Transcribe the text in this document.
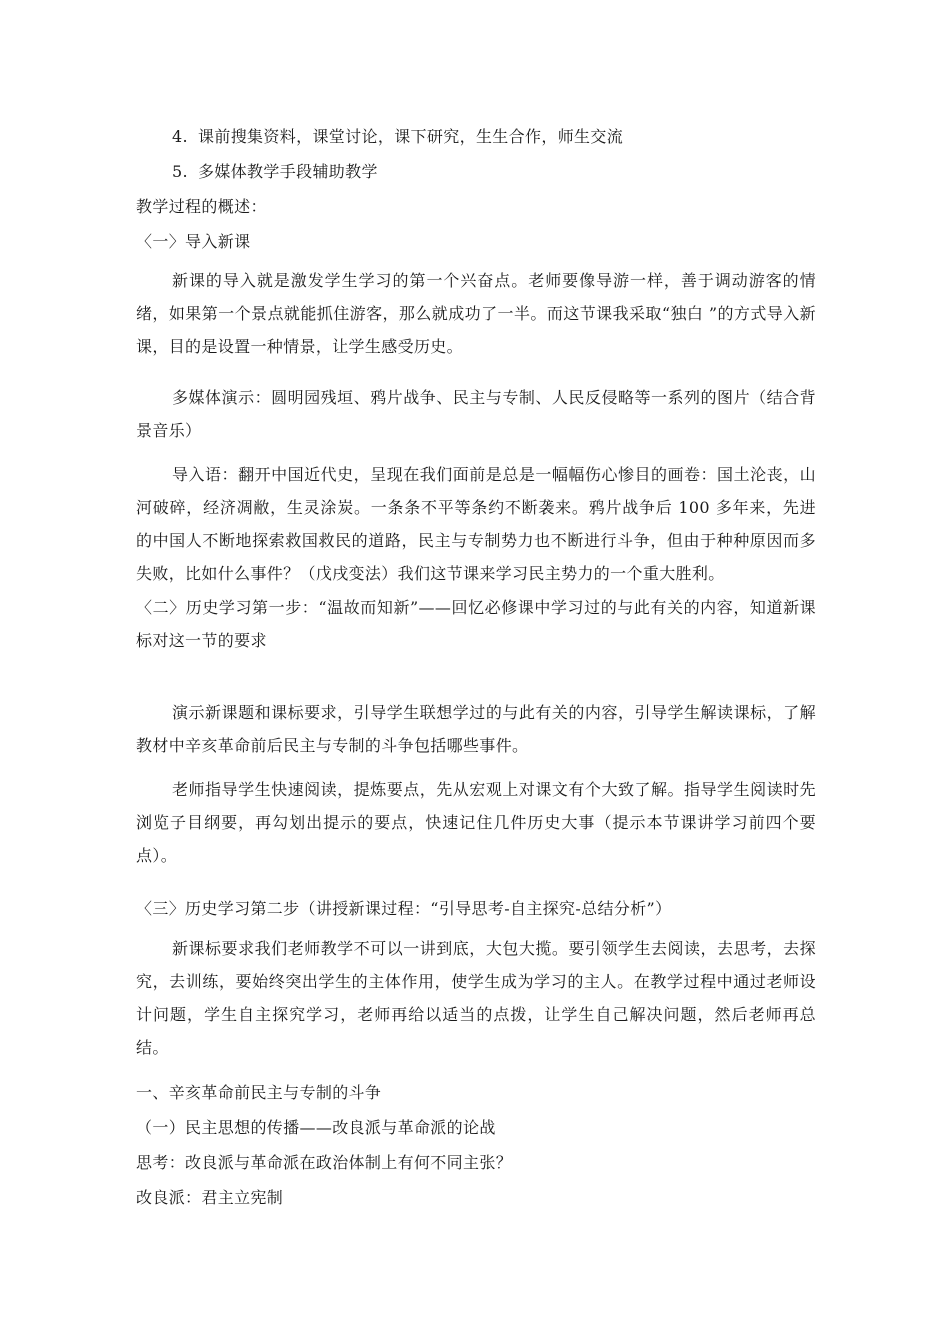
4. 课前搜集资料，课堂讨论，课下研究，生生合作，师生交流
5. 多媒体教学手段辅助教学
教学过程的概述：
〈一〉导入新课
新课的导入就是激发学生学习的第一个兴奋点。老师要像导游一样，善于调动游客的情绪，如果第一个景点就能抓住游客，那么就成功了一半。而这节课我采取“独白 ”的方式导入新课，目的是设置一种情景，让学生感受历史。
多媒体演示：圆明园残垣、鸦片战争、民主与专制、人民反侵略等一系列的图片（结合背景音乐）
导入语：翻开中国近代史，呈现在我们面前是总是一幅幅伤心惨目的画卷：国土沦丧，山河破碎，经济凋敝，生灵涂炭。一条条不平等条约不断袭来。鸦片战争后 100 多年来，先进的中国人不断地探索救国救民的道路，民主与专制势力也不断进行斗争，但由于种种原因而多失败，比如什么事件？（戊戌变法）我们这节课来学习民主势力的一个重大胜利。
〈二〉历史学习第一步：“温故而知新”——回忆必修课中学习过的与此有关的内容，知道新课标对这一节的要求
演示新课题和课标要求，引导学生联想学过的与此有关的内容，引导学生解读课标，了解教材中辛亥革命前后民主与专制的斗争包括哪些事件。
老师指导学生快速阅读，提炼要点，先从宏观上对课文有个大致了解。指导学生阅读时先浏览子目纲要，再勾划出提示的要点，快速记住几件历史大事（提示本节课讲学习前四个要点）。
〈三〉历史学习第二步（讲授新课过程：“引导思考-自主探究-总结分析”）
新课标要求我们老师教学不可以一讲到底，大包大揽。要引领学生去阅读，去思考，去探究，去训练，要始终突出学生的主体作用，使学生成为学习的主人。在教学过程中通过老师设计问题，学生自主探究学习，老师再给以适当的点拨，让学生自己解决问题，然后老师再总结。
一、辛亥革命前民主与专制的斗争
（一）民主思想的传播——改良派与革命派的论战
思考：改良派与革命派在政治体制上有何不同主张？
改良派：君主立宪制
